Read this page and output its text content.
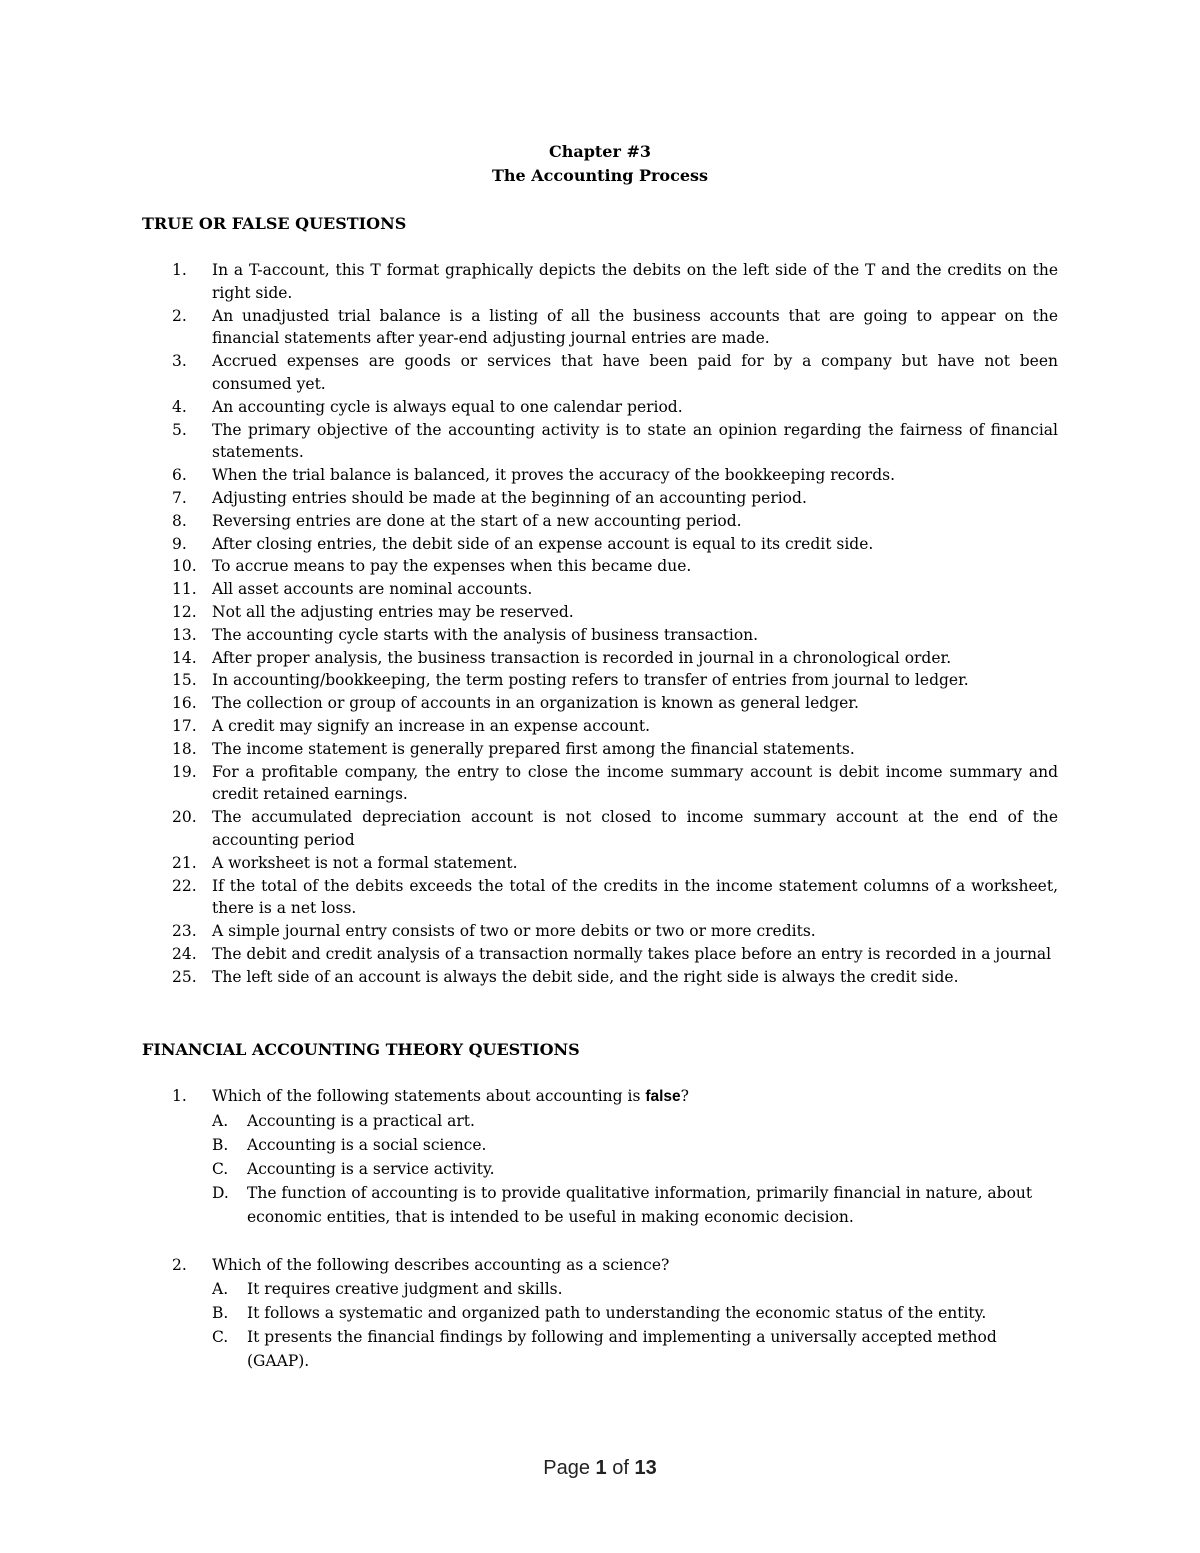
Chapter #3
The Accounting Process
TRUE OR FALSE QUESTIONS
1.	In a T-account, this T format graphically depicts the debits on the left side of the T and the credits on the right side.
2.	An unadjusted trial balance is a listing of all the business accounts that are going to appear on the financial statements after year-end adjusting journal entries are made.
3.	Accrued expenses are goods or services that have been paid for by a company but have not been consumed yet.
4.	An accounting cycle is always equal to one calendar period.
5.	The primary objective of the accounting activity is to state an opinion regarding the fairness of financial statements.
6.	When the trial balance is balanced, it proves the accuracy of the bookkeeping records.
7.	Adjusting entries should be made at the beginning of an accounting period.
8.	Reversing entries are done at the start of a new accounting period.
9.	After closing entries, the debit side of an expense account is equal to its credit side.
10. To accrue means to pay the expenses when this became due.
11. All asset accounts are nominal accounts.
12. Not all the adjusting entries may be reserved.
13. The accounting cycle starts with the analysis of business transaction.
14. After proper analysis, the business transaction is recorded in journal in a chronological order.
15. In accounting/bookkeeping, the term posting refers to transfer of entries from journal to ledger.
16. The collection or group of accounts in an organization is known as general ledger.
17. A credit may signify an increase in an expense account.
18. The income statement is generally prepared first among the financial statements.
19. For a profitable company, the entry to close the income summary account is debit income summary and credit retained earnings.
20. The accumulated depreciation account is not closed to income summary account at the end of the accounting period
21. A worksheet is not a formal statement.
22. If the total of the debits exceeds the total of the credits in the income statement columns of a worksheet, there is a net loss.
23. A simple journal entry consists of two or more debits or two or more credits.
24. The debit and credit analysis of a transaction normally takes place before an entry is recorded in a journal
25. The left side of an account is always the debit side, and the right side is always the credit side.
FINANCIAL ACCOUNTING THEORY QUESTIONS
1.	Which of the following statements about accounting is false?
A.	Accounting is a practical art.
B.	Accounting is a social science.
C.	Accounting is a service activity.
D.	The function of accounting is to provide qualitative information, primarily financial in nature, about economic entities, that is intended to be useful in making economic decision.
2.	Which of the following describes accounting as a science?
A.	It requires creative judgment and skills.
B.	It follows a systematic and organized path to understanding the economic status of the entity.
C.	It presents the financial findings by following and implementing a universally accepted method (GAAP).
Page 1 of 13
